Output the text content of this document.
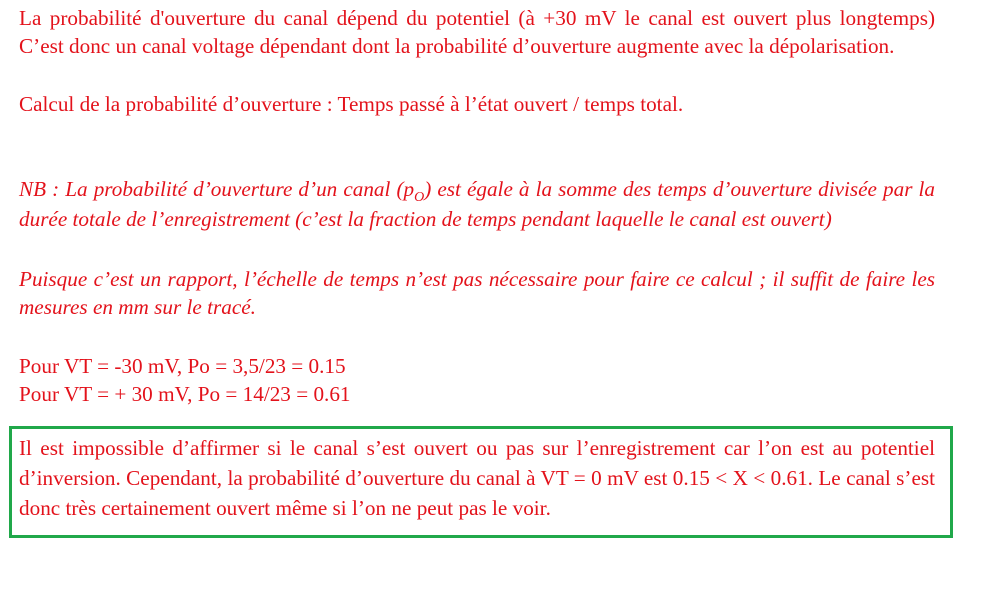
La probabilité d'ouverture du canal dépend du potentiel (à +30 mV le canal est ouvert plus longtemps) C’est donc un canal voltage dépendant dont la probabilité d’ouverture augmente avec la dépolarisation.

Calcul de la probabilité d’ouverture : Temps passé à l’état ouvert / temps total.

NB : La probabilité d’ouverture d’un canal $(p_O)$ est égale à la somme des temps d’ouverture divisée par la durée totale de l’enregistrement (c’est la fraction de temps pendant laquelle le canal est ouvert)

Puisque c’est un rapport, l’échelle de temps n’est pas nécessaire pour faire ce calcul ; il suffit de faire les mesures en mm sur le tracé.

Pour VT = -30 mV, Po = 3,5/23 = 0.15

Pour VT = + 30 mV, Po = 14/23 = 0.61

Il est impossible d’affirmer si le canal s’est ouvert ou pas sur l’enregistrement car l’on est au potentiel d’inversion. Cependant, la probabilité d’ouverture du canal à VT = 0 mV est 0.15 < X < 0.61. Le canal s’est donc très certainement ouvert même si l’on ne peut pas le voir.
